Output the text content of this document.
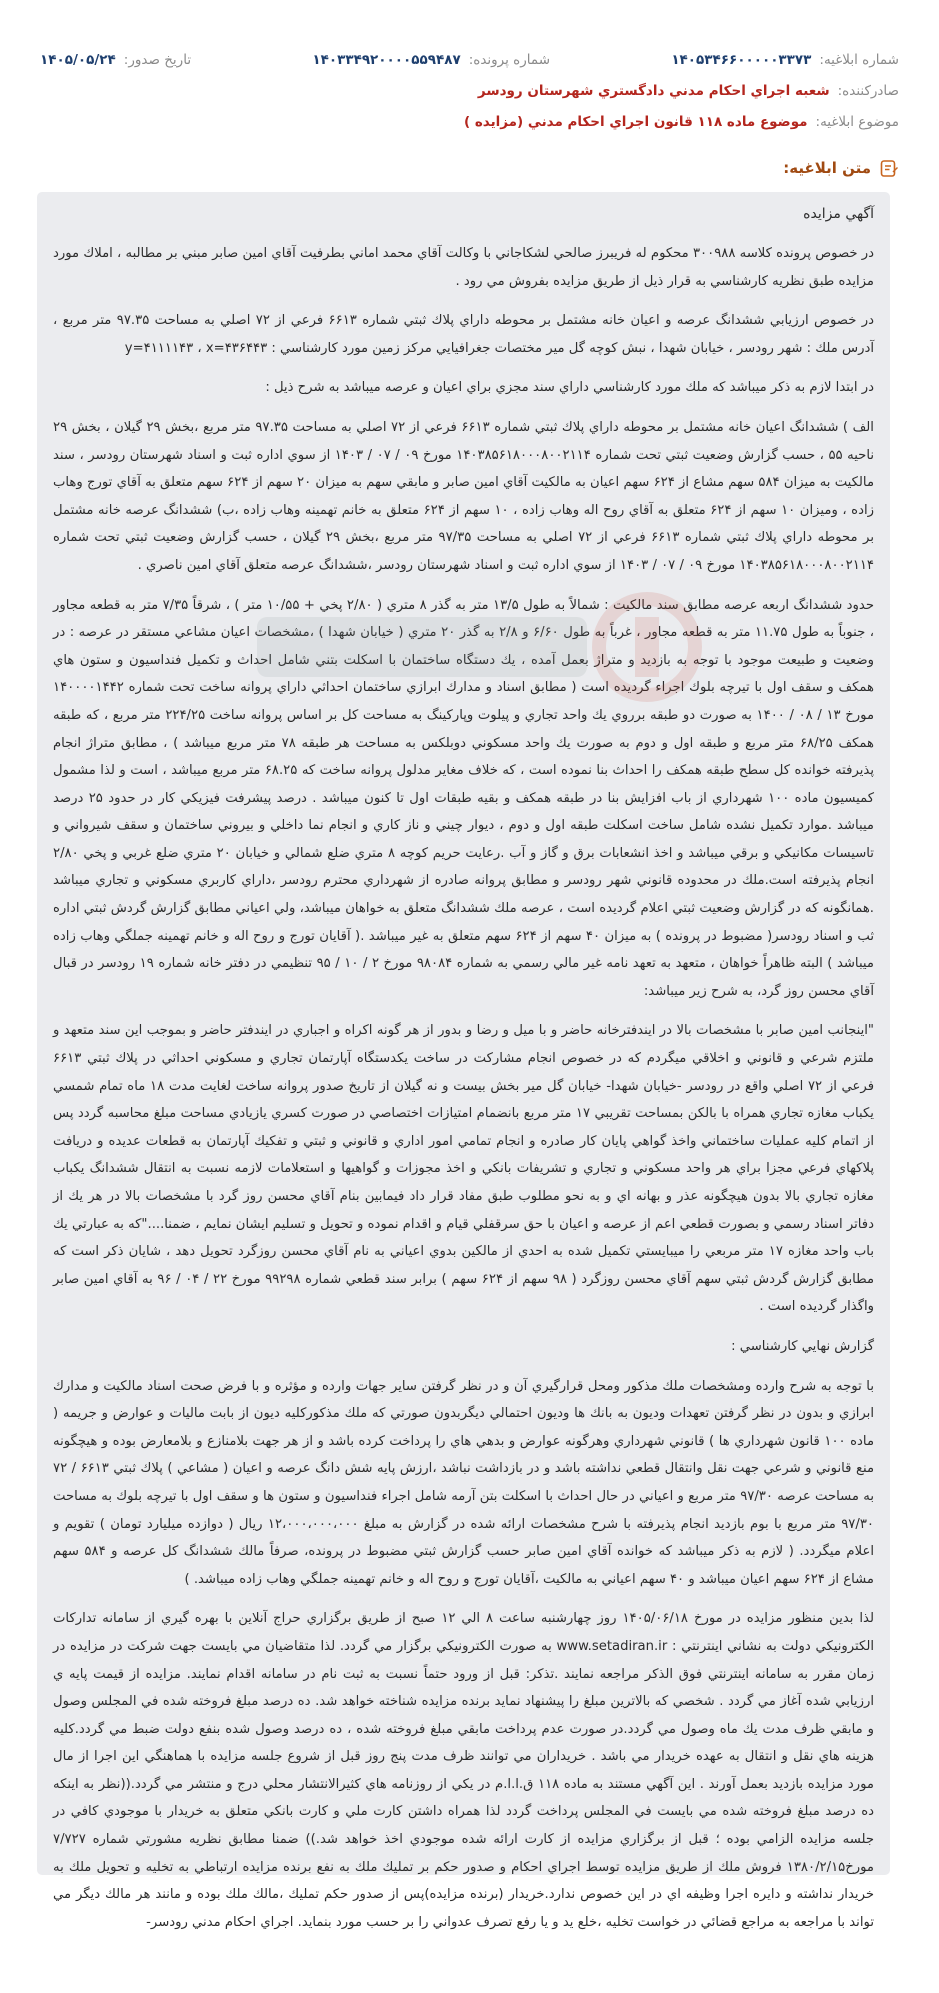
شماره ابلاغيه:
۱۴۰۵۳۴۶۶۰۰۰۰۰۳۳۷۳
شماره پرونده:
۱۴۰۳۳۴۹۲۰۰۰۰۵۵۹۴۸۷
تاريخ صدور:
۱۴۰۵/۰۵/۲۴
صادركننده:
شعبه اجراي احكام مدني دادگستري شهرستان رودسر
موضوع ابلاغيه:
موضوع ماده ۱۱۸ قانون اجراي احكام مدني (مزايده )
متن ابلاغيه:
آگهي مزايده

در خصوص پرونده كلاسه ۳۰۰۹۸۸ محكوم له فريبرز صالحي لشكاجاني با وكالت آقاي محمد اماني بطرفيت آقاي امين صابر مبني بر مطالبه ، املاك مورد مزايده طبق نظريه كارشناسي به قرار ذيل از طريق مزايده بفروش مي رود .

در خصوص ارزيابي ششدانگ عرصه و اعيان خانه مشتمل بر محوطه داراي پلاك ثبتي شماره ۶۶۱۳ فرعي از ۷۲ اصلي به مساحت ۹۷.۳۵ متر مربع ، آدرس ملك : شهر رودسر ، خيابان شهدا ، نبش كوچه گل مير مختصات جغرافيايي مركز زمين مورد كارشناسي : y=۴۱۱۱۱۴۳ ، x=۴۳۶۴۴۳

در ابتدا لازم به ذكر ميباشد كه ملك مورد كارشناسي داراي سند مجزي براي اعيان و عرصه ميباشد به شرح ذيل :

الف ) ششدانگ اعيان خانه مشتمل بر محوطه داراي پلاك ثبتي شماره ۶۶۱۳ فرعي از ۷۲ اصلي به مساحت ۹۷.۳۵ متر مربع ،بخش ۲۹ گيلان ، بخش ۲۹ ناحيه ۵۵ ، حسب گزارش وضعيت ثبتي تحت شماره ۱۴۰۳۸۵۶۱۸۰۰۰۸۰۰۲۱۱۴ مورخ ۰۹ / ۰۷ / ۱۴۰۳ از سوي اداره ثبت و اسناد شهرستان رودسر ، سند مالكيت به ميزان ۵۸۴ سهم مشاع از ۶۲۴ سهم اعيان به مالكيت آقاي امين صابر و مابقي سهم به ميزان ۲۰ سهم از ۶۲۴ سهم متعلق به آقاي تورج وهاب زاده ، وميزان ۱۰ سهم از ۶۲۴ متعلق به آقاي روح اله وهاب زاده ، ۱۰ سهم از ۶۲۴ متعلق به خانم تهمينه وهاب زاده ،ب) ششدانگ عرصه خانه مشتمل بر محوطه داراي پلاك ثبتي شماره ۶۶۱۳ فرعي از ۷۲ اصلي به مساحت ۹۷/۳۵ متر مربع ،بخش ۲۹ گيلان ، حسب گزارش وضعيت ثبتي تحت شماره ۱۴۰۳۸۵۶۱۸۰۰۰۸۰۰۲۱۱۴ مورخ ۰۹ / ۰۷ / ۱۴۰۳ از سوي اداره ثبت و اسناد شهرستان رودسر ،ششدانگ عرصه متعلق آقاي امين ناصري .

حدود ششدانگ اربعه عرصه مطابق سند مالكيت : شمالاً به طول ۱۳/۵ متر به گذر ۸ متري ( ۲/۸۰ پخي + ۱۰/۵۵ متر ) ، شرقاً ۷/۳۵ متر به قطعه مجاور ، جنوباً به طول ۱۱.۷۵ متر به قطعه مجاور ، غرباً به طول ۶/۶۰ و ۲/۸ به گذر ۲۰ متري ( خيابان شهدا ) ،مشخصات اعيان مشاعي مستقر در عرصه : در وضعيت و طبيعت موجود با توجه به بازديد و متراژ بعمل آمده ، يك دستگاه ساختمان با اسكلت بتني شامل احداث و تكميل فنداسيون و ستون هاي همكف و سقف اول با تيرچه بلوك اجراء گرديده است ( مطابق اسناد و مدارك ابرازي ساختمان احداثي داراي پروانه ساخت تحت شماره ۱۴۰۰۰۰۱۴۴۲ مورخ ۱۳ / ۰۸ / ۱۴۰۰ به صورت دو طبقه برروي يك واحد تجاري و پيلوت وپاركينگ به مساحت كل بر اساس پروانه ساخت ۲۲۴/۲۵ متر مربع ، كه طبقه همكف ۶۸/۲۵ متر مربع و طبقه اول و دوم به صورت يك واحد مسكوني دوبلكس به مساحت هر طبقه ۷۸ متر مربع ميباشد ) ، مطابق متراژ انجام پذيرفته خوانده كل سطح طبقه همكف را احداث بنا نموده است ، كه خلاف مغاير مدلول پروانه ساخت كه ۶۸.۲۵ متر مربع ميباشد ، است و لذا مشمول كميسيون ماده ۱۰۰ شهرداري از باب افزايش بنا در طبقه همكف و بقيه طبقات اول تا كنون ميباشد . درصد پيشرفت فيزيكي كار در حدود ۲۵ درصد ميباشد .موارد تكميل نشده شامل ساخت اسكلت طبقه اول و دوم ، ديوار چيني و ناز كاري و انجام نما داخلي و بيروني ساختمان و سقف شيرواني و تاسيسات مكانيكي و برقي ميباشد و اخذ انشعابات برق و گاز و آب .رعايت حريم كوچه ۸ متري ضلع شمالي و خيابان ۲۰ متري ضلع غربي و پخي ۲/۸۰ انجام پذيرفته است.ملك در محدوده قانوني شهر رودسر و مطابق پروانه صادره از شهرداري محترم رودسر ،داراي كاربري مسكوني و تجاري ميباشد .همانگونه كه در گزارش وضعيت ثبتي اعلام گرديده است ، عرصه ملك ششدانگ متعلق به خواهان ميباشد، ولي اعياني مطابق گزارش گردش ثبتي اداره ثب و اسناد رودسر( مضبوط در پرونده ) به ميزان ۴۰ سهم از ۶۲۴ سهم متعلق به غير ميباشد .( آقايان تورج و روح اله و خانم تهمينه جملگي وهاب زاده ميباشد ) البته ظاهراً خواهان ، متعهد به تعهد نامه غير مالي رسمي به شماره ۹۸۰۸۴ مورخ ۲ / ۱۰ / ۹۵ تنظيمي در دفتر خانه شماره ۱۹ رودسر در قبال آقاي محسن روز گرد، به شرح زير ميباشد:

"اينجانب امين صابر با مشخصات بالا در ايندفترخانه حاضر و با ميل و رضا و بدور از هر گونه اكراه و اجباري در ايندفتر حاضر و بموجب اين سند متعهد و ملتزم شرعي و قانوني و اخلاقي ميگردم كه در خصوص انجام مشاركت در ساخت يكدستگاه آپارتمان تجاري و مسكوني احداثي در پلاك ثبتي ۶۶۱۳ فرعي از ۷۲ اصلي واقع در رودسر -خيابان شهدا- خيابان گل مير بخش بيست و نه گيلان از تاريخ صدور پروانه ساخت لغايت مدت ۱۸ ماه تمام شمسي يكباب مغازه تجاري همراه با بالكن بمساحت تقريبي ۱۷ متر مربع بانضمام امتيازات اختصاصي در صورت كسري يازيادي مساحت مبلغ محاسبه گردد پس از اتمام كليه عمليات ساختماني واخذ گواهي پايان كار صادره و انجام تمامي امور اداري و قانوني و ثبتي و تفكيك آپارتمان به قطعات عديده و دريافت پلاكهاي فرعي مجزا براي هر واحد مسكوني و تجاري و تشريفات بانكي و اخذ مجوزات و گواهيها و استعلامات لازمه نسبت به انتقال ششدانگ يكباب مغازه تجاري بالا بدون هيچگونه عذر و بهانه اي و به نحو مطلوب طبق مفاد قرار داد فيمابين بنام آقاي محسن روز گرد با مشخصات بالا در هر يك از دفاتر اسناد رسمي و بصورت قطعي اعم از عرصه و اعيان با حق سرقفلي قيام و اقدام نموده و تحويل و تسليم ايشان نمايم ، ضمنا...."كه به عبارتي يك باب واحد مغازه ۱۷ متر مربعي را ميبايستي تكميل شده به احدي از مالكين بدوي اعياني به نام آقاي محسن روزگرد تحويل دهد ، شايان ذكر است كه مطابق گزارش گردش ثبتي سهم آقاي محسن روزگرد ( ۹۸ سهم از ۶۲۴ سهم ) برابر سند قطعي شماره ۹۹۲۹۸ مورخ ۲۲ / ۰۴ / ۹۶ به آقاي امين صابر واگذار گرديده است .

گزارش نهايي كارشناسي :

با توجه به شرح وارده ومشخصات ملك مذكور ومحل قرارگيري آن و در نظر گرفتن ساير جهات وارده و مؤثره و با فرض صحت اسناد مالكيت و مدارك ابرازي و بدون در نظر گرفتن تعهدات وديون به بانك ها وديون احتمالي ديگربدون صورتي كه ملك مذكوركليه ديون از بابت ماليات و عوارض و جريمه ( ماده ۱۰۰ قانون شهرداري ها ) قانوني شهرداري وهرگونه عوارض و بدهي هاي را پرداخت كرده باشد و از هر جهت بلامنازع و بلامعارض بوده و هيچگونه منع قانوني و شرعي جهت نقل وانتقال قطعي نداشته باشد و در بازداشت نباشد ،ارزش پايه شش دانگ عرصه و اعيان ( مشاعي ) پلاك ثبتي ۶۶۱۳ / ۷۲ به مساحت عرصه ۹۷/۳۰ متر مربع و اعياني در حال احداث با اسكلت بتن آرمه شامل اجراء فنداسيون و ستون ها و سقف اول با تيرچه بلوك به مساحت ۹۷/۳۰ متر مربع با بوم بازديد انجام پذيرفته با شرح مشخصات ارائه شده در گزارش به مبلغ ۱۲،۰۰۰،۰۰۰،۰۰۰ ريال ( دوازده ميليارد تومان ) تقويم و اعلام ميگردد. ( لازم به ذكر ميباشد كه خوانده آقاي امين صابر حسب گزارش ثبتي مضبوط در پرونده، صرفاً مالك ششدانگ كل عرصه و ۵۸۴ سهم مشاع از ۶۲۴ سهم اعيان ميباشد و ۴۰ سهم اعياني به مالكيت ،آقايان تورج و روح اله و خانم تهمينه جملگي وهاب زاده ميباشد. )

لذا بدين منظور مزايده در مورخ ۱۴۰۵/۰۶/۱۸ روز چهارشنبه ساعت ۸ الي ۱۲ صبح از طريق برگزاري حراج آنلاين با بهره گيري از سامانه تدارکات الکترونيکي دولت به نشاني اينترنتي : www.setadiran.ir به صورت الكترونيكي برگزار مي گردد. لذا متقاضيان مي بايست جهت شركت در مزايده در زمان مقرر به سامانه اينترنتي فوق الذكر مراجعه نمايند .تذكر: قبل از ورود حتماً نسبت به ثبت نام در سامانه اقدام نمايند. مزايده از قيمت پايه ي ارزيابي شده آغاز مي گردد . شخصي كه بالاترين مبلغ را پيشنهاد نمايد برنده مزايده شناخته خواهد شد. ده درصد مبلغ فروخته شده في المجلس وصول و مابقي ظرف مدت يك ماه وصول مي گردد.در صورت عدم پرداخت مابقي مبلغ فروخته شده ، ده درصد وصول شده بنفع دولت ضبط مي گردد.كليه هزينه هاي نقل و انتقال به عهده خريدار مي باشد . خريداران مي توانند ظرف مدت پنج روز قبل از شروع جلسه مزايده با هماهنگي اين اجرا از مال مورد مزايده بازديد بعمل آورند . اين آگهي مستند به ماده ۱۱۸ ق.ا.ا.م در يكي از روزنامه هاي كثيرالانتشار محلي درج و منتشر مي گردد.((نظر به اينكه ده درصد مبلغ فروخته شده مي بايست في المجلس پرداخت گردد لذا همراه داشتن كارت ملي و كارت بانكي متعلق به خريدار با موجودي كافي در جلسه مزايده الزامي بوده ؛ قبل از برگزاري مزايده از كارت ارائه شده موجودي اخذ خواهد شد.)) ضمنا مطابق نظريه مشورتي شماره ۷/۷۲۷ مورخ۱۳۸۰/۲/۱۵ فروش ملك از طريق مزايده توسط اجراي احكام و صدور حكم بر تمليك ملك به نفع برنده مزايده ارتباطي به تخليه و تحويل ملك به خريدار نداشته و دايره اجرا وظيفه اي در اين خصوص ندارد.خريدار (برنده مزايده)پس از صدور حكم تمليك ،مالك ملك بوده و مانند هر مالك ديگر مي تواند با مراجعه به مراجع قضائي در خواست تخليه ،خلع يد و يا رفع تصرف عدواني را بر حسب مورد بنمايد. اجراي احكام مدني رودسر-
